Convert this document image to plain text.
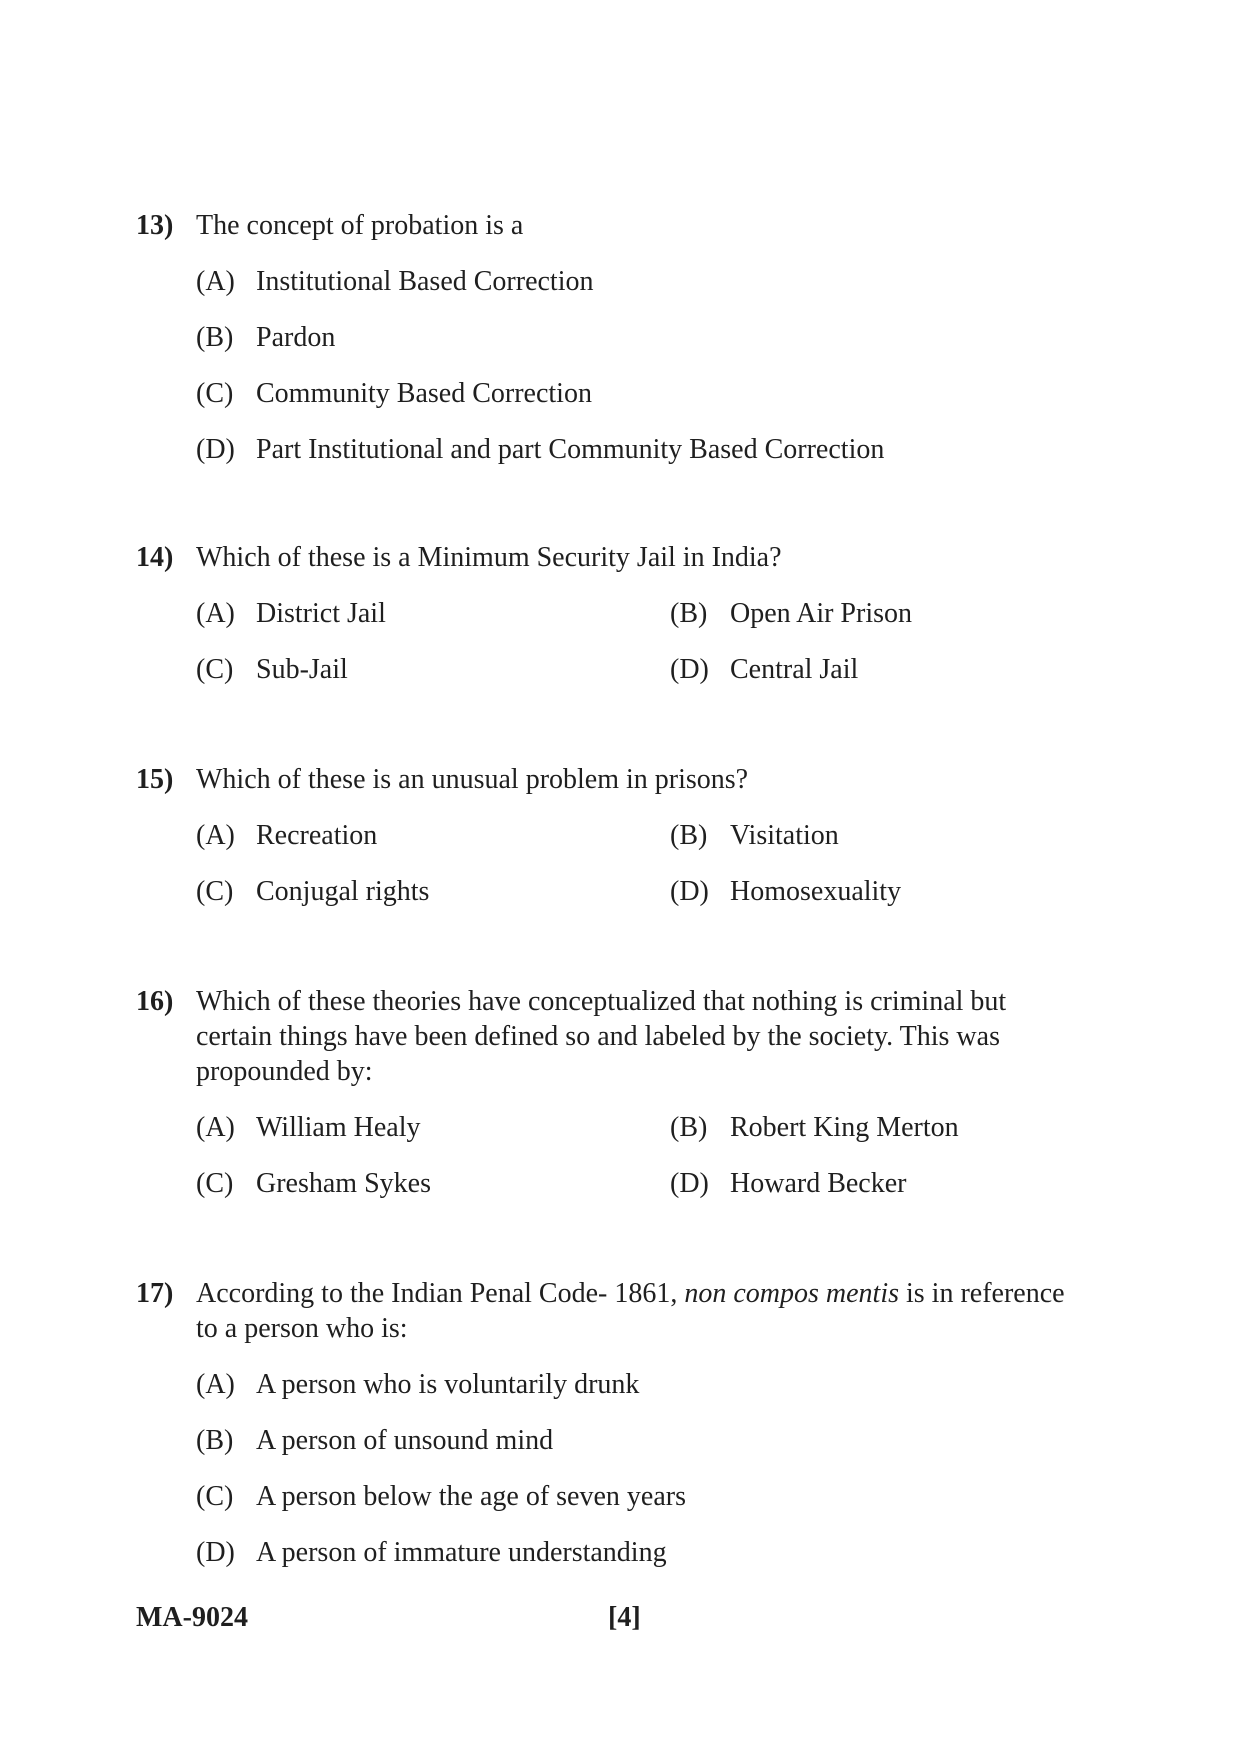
13) The concept of probation is a
(A) Institutional Based Correction
(B) Pardon
(C) Community Based Correction
(D) Part Institutional and part Community Based Correction
14) Which of these is a Minimum Security Jail in India?
(A) District Jail	(B) Open Air Prison
(C) Sub-Jail	(D) Central Jail
15) Which of these is an unusual problem in prisons?
(A) Recreation	(B) Visitation
(C) Conjugal rights	(D) Homosexuality
16) Which of these theories have conceptualized that nothing is criminal but certain things have been defined so and labeled by the society. This was propounded by:
(A) William Healy	(B) Robert King Merton
(C) Gresham Sykes	(D) Howard Becker
17) According to the Indian Penal Code- 1861, non compos mentis is in reference to a person who is:
(A) A person who is voluntarily drunk
(B) A person of unsound mind
(C) A person below the age of seven years
(D) A person of immature understanding
MA-9024	[4]
